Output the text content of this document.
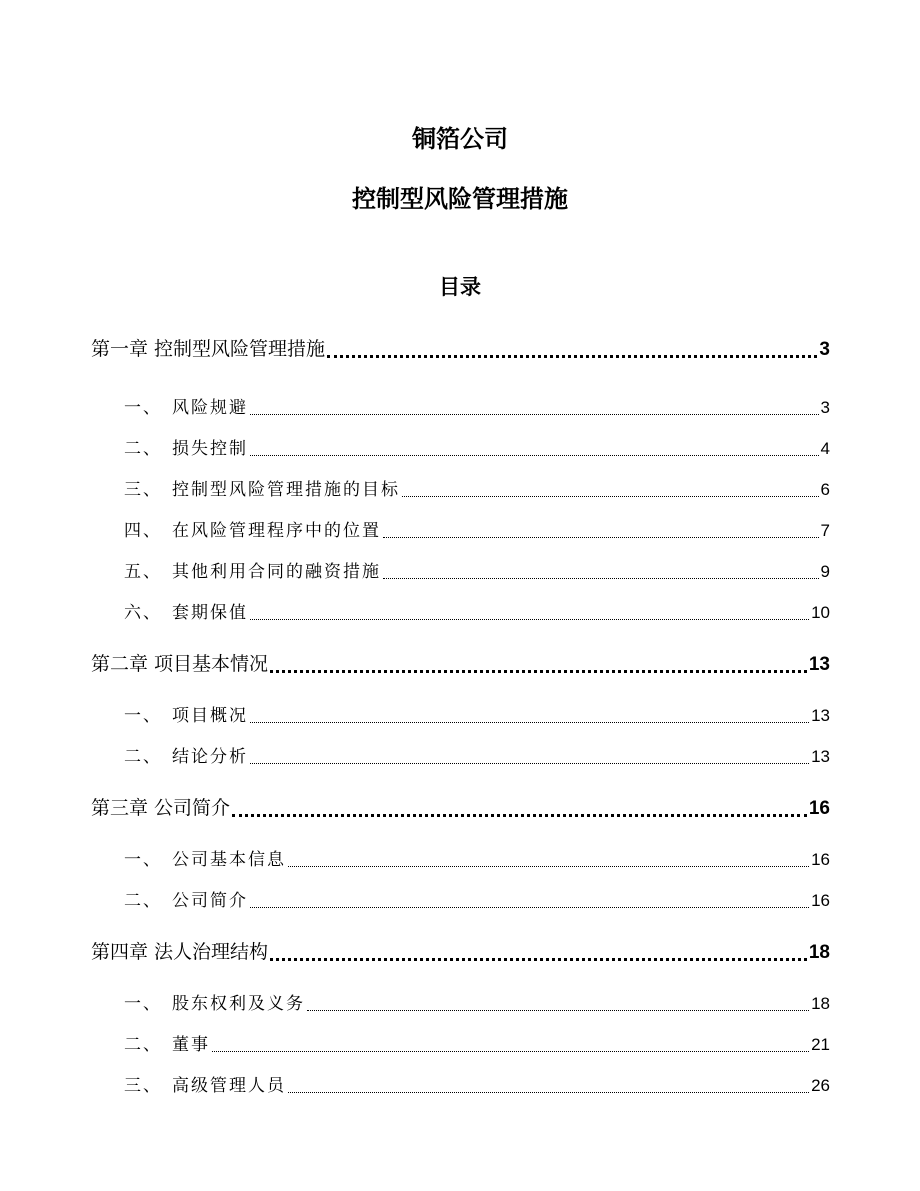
铜箔公司
控制型风险管理措施
目录
第一章 控制型风险管理措施	3
一、 风险规避	3
二、 损失控制	4
三、 控制型风险管理措施的目标	6
四、 在风险管理程序中的位置	7
五、 其他利用合同的融资措施	9
六、 套期保值	10
第二章 项目基本情况	13
一、 项目概况	13
二、 结论分析	13
第三章 公司简介	16
一、 公司基本信息	16
二、 公司简介	16
第四章 法人治理结构	18
一、 股东权利及义务	18
二、 董事	21
三、 高级管理人员	26
